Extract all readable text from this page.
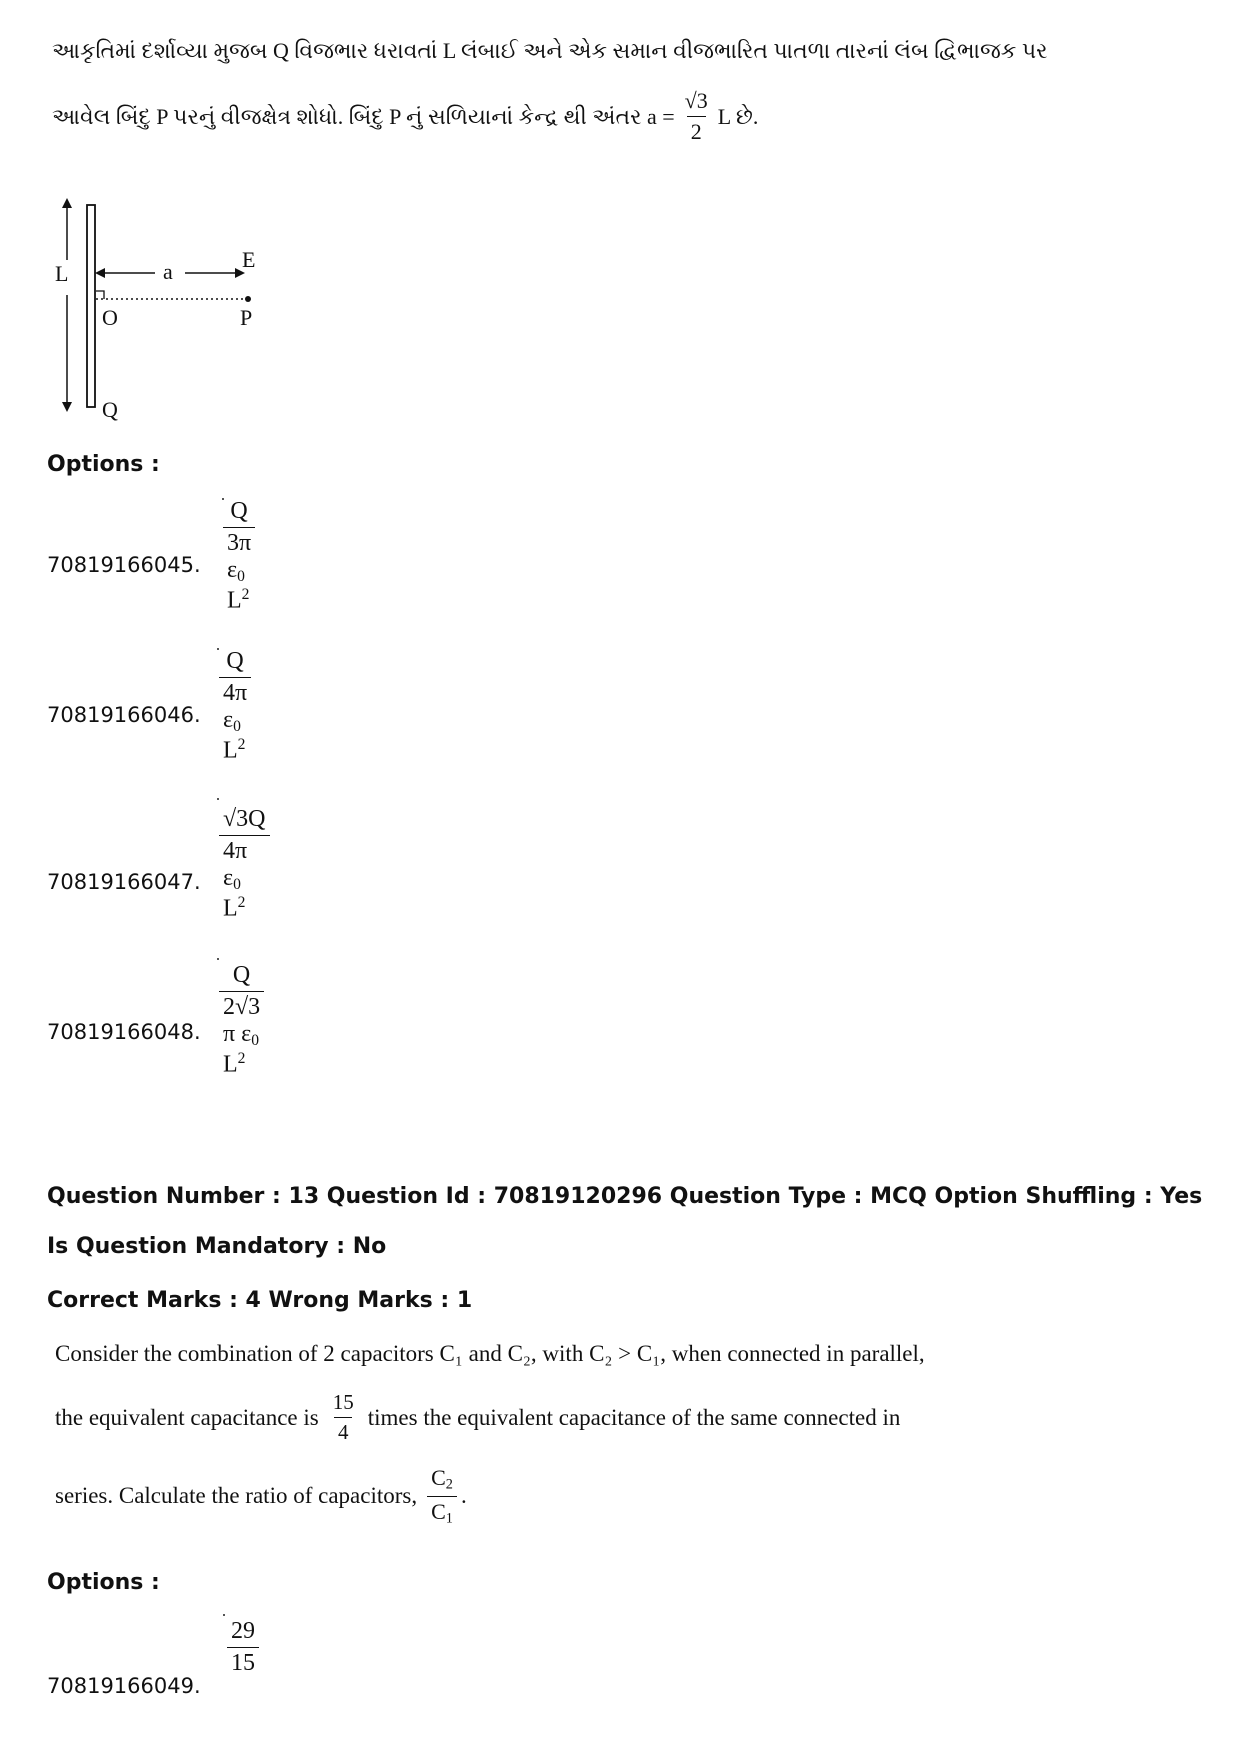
આકૃતિમાં દર્શાવ્યા મુજબ Q વિજભાર ધરાવતાં L લંબાઈ અને એક સમાન વીજભારિત પાતળા તારનાં લંબ દ્વિભાજક પર
આવેલ બિંદુ P પરનું વીજક્ષેત્ર શોધો. બિંદુ P નું સળિયાનાં કેન્દ્ર થી અંતર $a = \frac{√3}{2}$ L છે.
L	a	E
O	P
Q
Options :
70819166045. $\frac{Q}{3\pi \varepsilon_0 L^2}$
70819166046. $\frac{Q}{4\pi \varepsilon_0 L^2}$
70819166047. $\frac{√3Q}{4\pi \varepsilon_0 L^2}$
70819166048. $\frac{Q}{2√3 \pi \varepsilon_0 L^2}$
Question Number : 13 Question Id : 70819120296 Question Type : MCQ Option Shuffling : Yes
Is Question Mandatory : No
Correct Marks : 4 Wrong Marks : 1
Consider the combination of 2 capacitors C₁ and C₂, with C₂ > C₁, when connected in parallel,
the equivalent capacitance is $\frac{15}{4}$ times the equivalent capacitance of the same connected in
series. Calculate the ratio of capacitors, $\frac{C_2}{C_1}$ .
Options :
70819166049.
$\frac{29}{15}$
